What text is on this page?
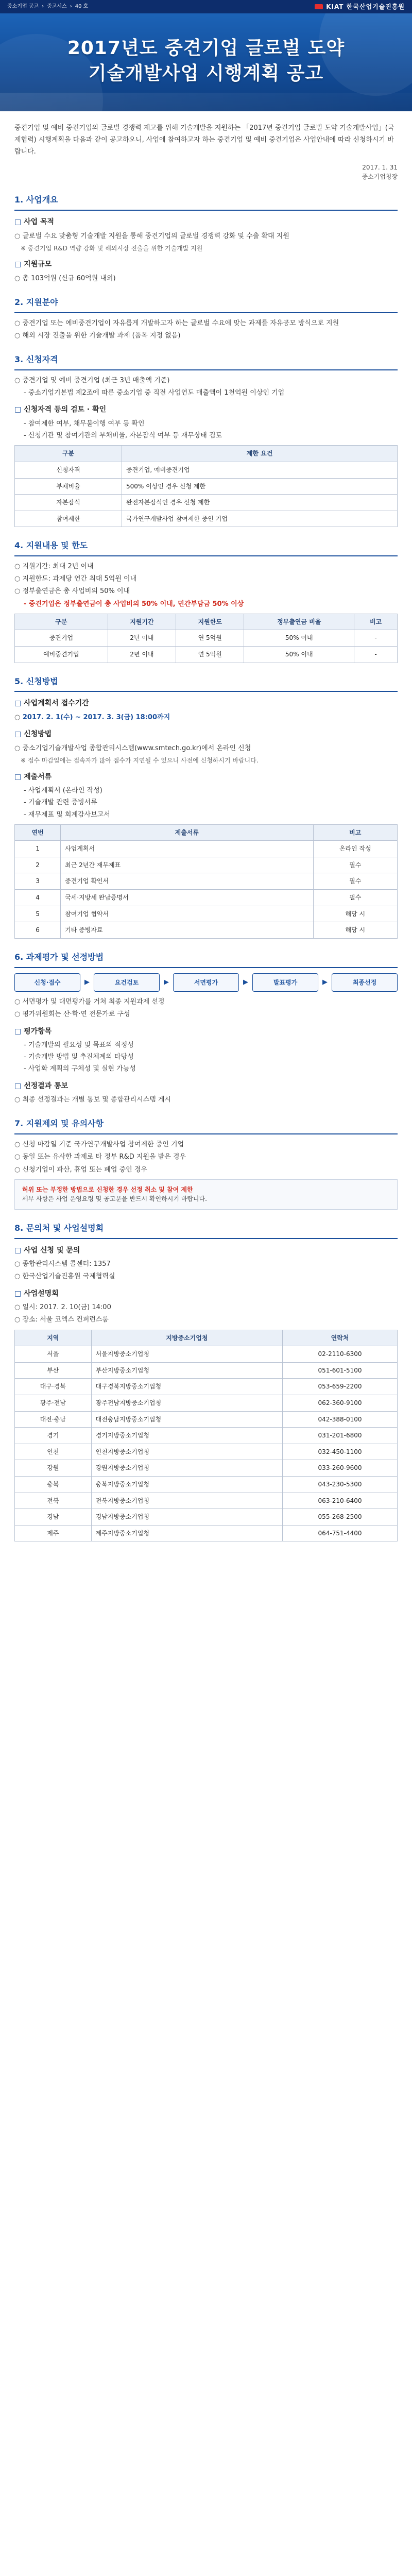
중소기업 공고 › 중고시스 › 40 호	KIAT 한국산업기술진흥원
2017년도 중견기업 글로벌 도약
기술개발사업 시행계획 공고

중견기업 및 예비 중견기업의 글로벌 경쟁력 제고를 위해 기술개발을 지원하는 「2017년 중견기업 글로벌 도약 기술개발사업」(국제협력) 시행계획을 다음과 같이 공고하오니, 사업에 참여하고자 하는 중견기업 및 예비 중견기업은 사업안내에 따라 신청하시기 바랍니다.

2017. 1. 31
중소기업청장
1. 사업개요
□ 사업 목적
○ 글로벌 수요 맞춤형 기술개발 지원을 통해 중견기업의 글로벌 경쟁력 강화 및 수출 확대 지원
※ 중견기업 R&D 역량 강화 및 해외시장 진출을 위한 기술개발 지원
□ 지원규모
○ 총 103억원 (신규 60억원 내외)
2. 지원분야
○ 중견기업 또는 예비중견기업이 자유롭게 개발하고자 하는 글로벌 수요에 맞는 과제를 자유공모 방식으로 지원
○ 해외 시장 진출을 위한 기술개발 과제 (품목 지정 없음)
3. 신청자격
○ 중견기업 및 예비 중견기업 (최근 3년 매출액 기준)
- 중소기업기본법 제2조에 따른 중소기업 중 직전 사업연도 매출액이 1천억원 이상인 기업
□ 신청자격 등의 검토 · 확인
- 참여제한 여부, 채무불이행 여부 등 확인
- 신청기관 및 참여기관의 부채비율, 자본잠식 여부 등 재무상태 검토
구분	제한 요건
신청자격	중견기업, 예비중견기업
부채비율	500% 이상인 경우 신청 제한
자본잠식	완전자본잠식인 경우 신청 제한
참여제한	국가연구개발사업 참여제한 중인 기업
4. 지원내용 및 한도
○ 지원기간: 최대 2년 이내
○ 지원한도: 과제당 연간 최대 5억원 이내
○ 정부출연금은 총 사업비의 50% 이내
- 중견기업은 정부출연금이 총 사업비의 50% 이내, 민간부담금 50% 이상
구분	지원기간	지원한도	정부출연금 비율	비고
중견기업	2년 이내	연 5억원	50% 이내	-
예비중견기업	2년 이내	연 5억원	50% 이내	-
5. 신청방법
□ 사업계획서 접수기간
○ 2017. 2. 1(수) ~ 2017. 3. 3(금) 18:00까지
□ 신청방법
○ 중소기업기술개발사업 종합관리시스템(www.smtech.go.kr)에서 온라인 신청
※ 접수 마감일에는 접속자가 많아 접수가 지연될 수 있으니 사전에 신청하시기 바랍니다.
□ 제출서류
- 사업계획서 (온라인 작성)
- 기술개발 관련 증빙서류
- 재무제표 및 회계감사보고서
연번	제출서류	비고
1	사업계획서	온라인 작성
2	최근 2년간 재무제표	필수
3	중견기업 확인서	필수
4	국세·지방세 완납증명서	필수
5	참여기업 협약서	해당 시
6	기타 증빙자료	해당 시
6. 과제평가 및 선정방법
신청·접수	▶	요건검토	▶	서면평가	▶	발표평가	▶	최종선정
○ 서면평가 및 대면평가를 거쳐 최종 지원과제 선정
○ 평가위원회는 산·학·연 전문가로 구성
□ 평가항목
- 기술개발의 필요성 및 목표의 적정성
- 기술개발 방법 및 추진체계의 타당성
- 사업화 계획의 구체성 및 실현 가능성
□ 선정결과 통보
○ 최종 선정결과는 개별 통보 및 종합관리시스템 게시
7. 지원제외 및 유의사항
○ 신청 마감일 기준 국가연구개발사업 참여제한 중인 기업
○ 동일 또는 유사한 과제로 타 정부 R&D 지원을 받은 경우
○ 신청기업이 파산, 휴업 또는 폐업 중인 경우
허위 또는 부정한 방법으로 신청한 경우 선정 취소 및 참여 제한
세부 사항은 사업 운영요령 및 공고문을 반드시 확인하시기 바랍니다.
8. 문의처 및 사업설명회
□ 사업 신청 및 문의
○ 종합관리시스템 콜센터: 1357
○ 한국산업기술진흥원 국제협력실
□ 사업설명회
○ 일시: 2017. 2. 10(금) 14:00
○ 장소: 서울 코엑스 컨퍼런스룸
지역	지방중소기업청	연락처
서울	서울지방중소기업청	02-2110-6300
부산	부산지방중소기업청	051-601-5100
대구·경북	대구경북지방중소기업청	053-659-2200
광주·전남	광주전남지방중소기업청	062-360-9100
대전·충남	대전충남지방중소기업청	042-388-0100
경기	경기지방중소기업청	031-201-6800
인천	인천지방중소기업청	032-450-1100
강원	강원지방중소기업청	033-260-9600
충북	충북지방중소기업청	043-230-5300
전북	전북지방중소기업청	063-210-6400
경남	경남지방중소기업청	055-268-2500
제주	제주지방중소기업청	064-751-4400
